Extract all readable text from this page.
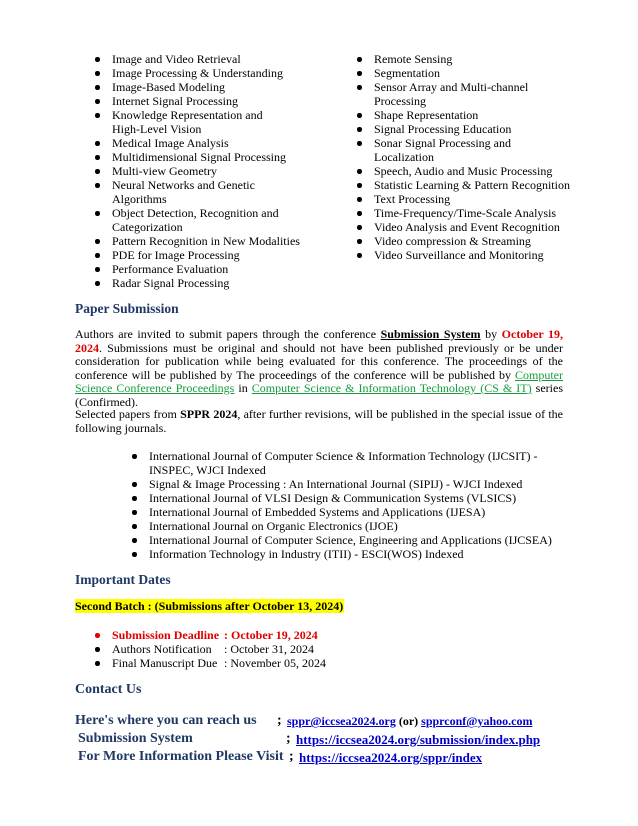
Image and Video Retrieval
Image Processing & Understanding
Image-Based Modeling
Internet Signal Processing
Knowledge Representation and High-Level Vision
Medical Image Analysis
Multidimensional Signal Processing
Multi-view Geometry
Neural Networks and Genetic Algorithms
Object Detection, Recognition and Categorization
Pattern Recognition in New Modalities
PDE for Image Processing
Performance Evaluation
Radar Signal Processing
Remote Sensing
Segmentation
Sensor Array and Multi-channel Processing
Shape Representation
Signal Processing Education
Sonar Signal Processing and Localization
Speech, Audio and Music Processing
Statistic Learning & Pattern Recognition
Text Processing
Time-Frequency/Time-Scale Analysis
Video Analysis and Event Recognition
Video compression & Streaming
Video Surveillance and Monitoring
Paper Submission

Authors are invited to submit papers through the conference Submission System by October 19, 2024. Submissions must be original and should not have been published previously or be under consideration for publication while being evaluated for this conference. The proceedings of the conference will be published by The proceedings of the conference will be published by Computer Science Conference Proceedings in Computer Science & Information Technology (CS & IT) series (Confirmed).

Selected papers from SPPR 2024, after further revisions, will be published in the special issue of the following journals.

International Journal of Computer Science & Information Technology (IJCSIT) - INSPEC, WJCI Indexed
Signal & Image Processing : An International Journal (SIPIJ) - WJCI Indexed
International Journal of VLSI Design & Communication Systems (VLSICS)
International Journal of Embedded Systems and Applications (IJESA)
International Journal on Organic Electronics (IJOE)
International Journal of Computer Science, Engineering and Applications (IJCSEA)
Information Technology in Industry (ITII) - ESCI(WOS) Indexed
Important Dates

Second Batch : (Submissions after October 13, 2024)

Submission Deadline : October 19, 2024
Authors Notification	: October 31, 2024
Final Manuscript Due : November 05, 2024
Contact Us
Here's where you can reach us ; sppr@iccsea2024.org (or) spprconf@yahoo.com
Submission System	; https://iccsea2024.org/submission/index.php
For More Information Please Visit ; https://iccsea2024.org/sppr/index
